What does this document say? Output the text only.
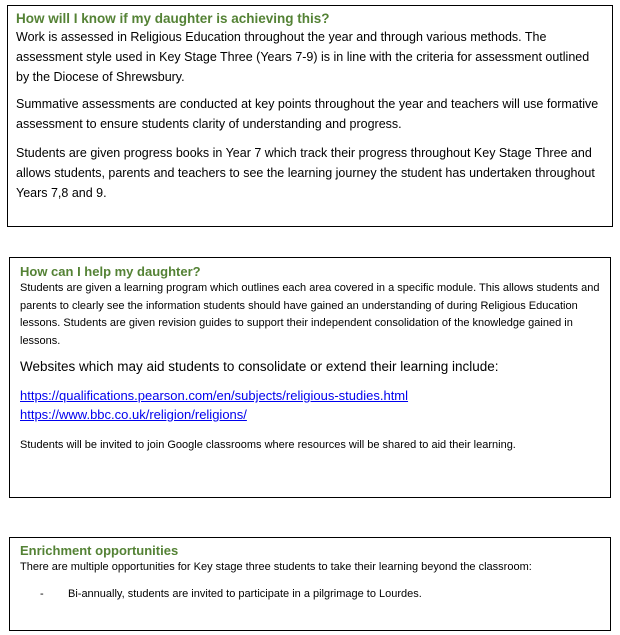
How will I know if my daughter is achieving this?

Work is assessed in Religious Education throughout the year and through various methods. The assessment style used in Key Stage Three (Years 7-9) is in line with the criteria for assessment outlined by the Diocese of Shrewsbury.

Summative assessments are conducted at key points throughout the year and teachers will use formative assessment to ensure students clarity of understanding and progress.

Students are given progress books in Year 7 which track their progress throughout Key Stage Three and allows students, parents and teachers to see the learning journey the student has undertaken throughout Years 7,8 and 9.

How can I help my daughter?

Students are given a learning program which outlines each area covered in a specific module. This allows students and parents to clearly see the information students should have gained an understanding of during Religious Education lessons. Students are given revision guides to support their independent consolidation of the knowledge gained in lessons.

Websites which may aid students to consolidate or extend their learning include:

https://qualifications.pearson.com/en/subjects/religious-studies.html
https://www.bbc.co.uk/religion/religions/

Students will be invited to join Google classrooms where resources will be shared to aid their learning.

Enrichment opportunities

There are multiple opportunities for Key stage three students to take their learning beyond the classroom:

-	Bi-annually, students are invited to participate in a pilgrimage to Lourdes.
